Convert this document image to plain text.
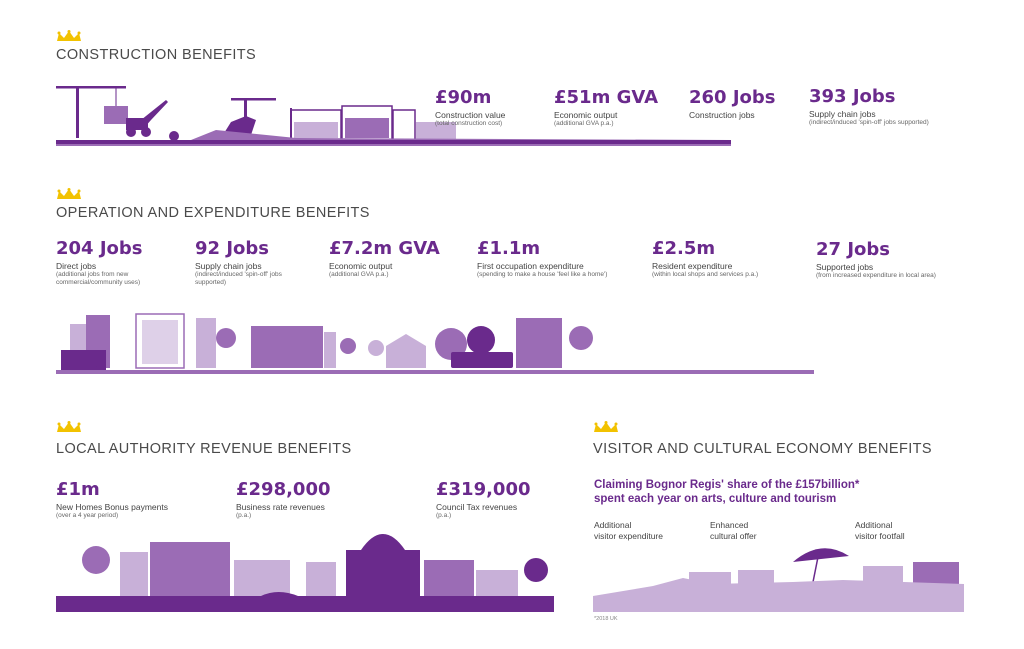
CONSTRUCTION BENEFITS
£90m
Construction value
(total construction cost)
£51m GVA
Economic output
(additional GVA p.a.)
260 Jobs
Construction jobs
393 Jobs
Supply chain jobs
(indirect/induced 'spin-off' jobs supported)
OPERATION AND EXPENDITURE BENEFITS
204 Jobs
Direct jobs
(additional jobs from new
commercial/community uses)
92 Jobs
Supply chain jobs
(indirect/induced 'spin-off' jobs
supported)
£7.2m GVA
Economic output
(additional GVA p.a.)
£1.1m
First occupation expenditure
(spending to make a house 'feel like a home')
£2.5m
Resident expenditure
(within local shops and services p.a.)
27 Jobs
Supported jobs
(from increased expenditure in local area)
LOCAL AUTHORITY REVENUE BENEFITS
£1m
New Homes Bonus payments
(over a 4 year period)
£298,000
Business rate revenues
(p.a.)
£319,000
Council Tax revenues
(p.a.)
VISITOR AND CULTURAL ECONOMY BENEFITS
Claiming Bognor Regis' share of the £157billion*
spent each year on arts, culture and tourism
Additional
visitor expenditure
Enhanced
cultural offer
Additional
visitor footfall
*2018 UK
